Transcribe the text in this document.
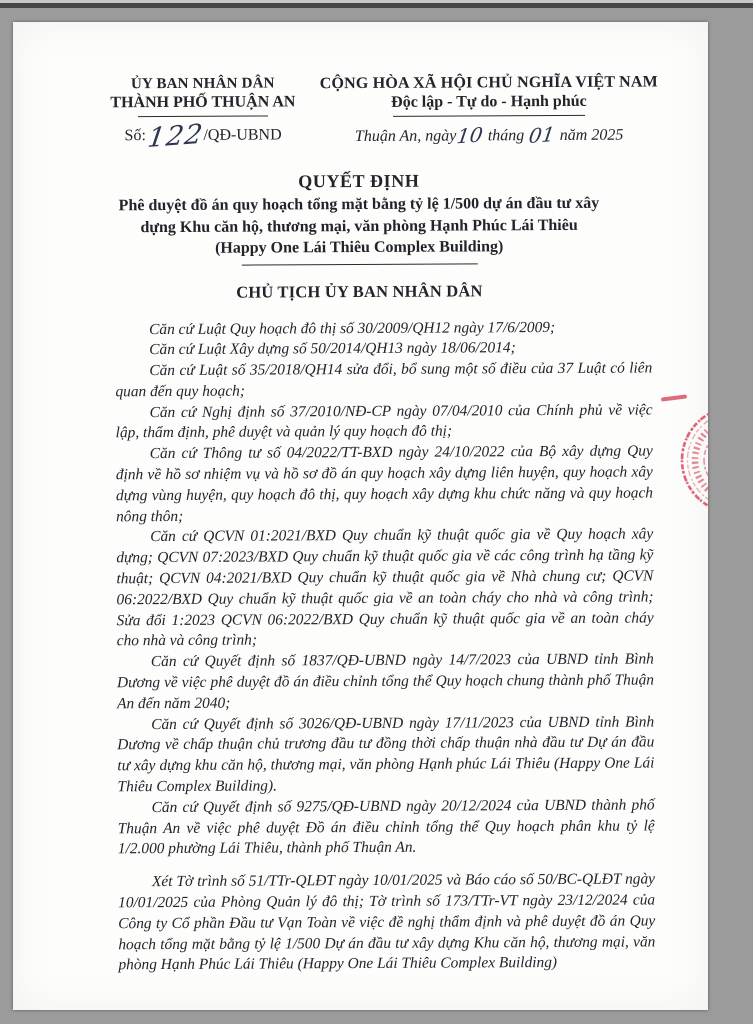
ỦY BAN NHÂN DÂN
THÀNH PHỐ THUẬN AN
Số:122/QĐ-UBND
CỘNG HÒA XÃ HỘI CHỦ NGHĨA VIỆT NAM
Độc lập - Tự do - Hạnh phúc
Thuận An, ngày10 tháng 01 năm 2025
QUYẾT ĐỊNH
Phê duyệt đồ án quy hoạch tổng mặt bằng tỷ lệ 1/500 dự án đầu tư xây
dựng Khu căn hộ, thương mại, văn phòng Hạnh Phúc Lái Thiêu
(Happy One Lái Thiêu Complex Building)
CHỦ TỊCH ỦY BAN NHÂN DÂN

Căn cứ Luật Quy hoạch đô thị số 30/2009/QH12 ngày 17/6/2009;

Căn cứ Luật Xây dựng số 50/2014/QH13 ngày 18/06/2014;

Căn cứ Luật số 35/2018/QH14 sửa đổi, bổ sung một số điều của 37 Luật có liên quan đến quy hoạch;

Căn cứ Nghị định số 37/2010/NĐ-CP ngày 07/04/2010 của Chính phủ về việc lập, thẩm định, phê duyệt và quản lý quy hoạch đô thị;

Căn cứ Thông tư số 04/2022/TT-BXD ngày 24/10/2022 của Bộ xây dựng Quy định về hồ sơ nhiệm vụ và hồ sơ đồ án quy hoạch xây dựng liên huyện, quy hoạch xây dựng vùng huyện, quy hoạch đô thị, quy hoạch xây dựng khu chức năng và quy hoạch nông thôn;

Căn cứ QCVN 01:2021/BXD Quy chuẩn kỹ thuật quốc gia về Quy hoạch xây dựng; QCVN 07:2023/BXD Quy chuẩn kỹ thuật quốc gia về các công trình hạ tầng kỹ thuật; QCVN 04:2021/BXD Quy chuẩn kỹ thuật quốc gia về Nhà chung cư; QCVN 06:2022/BXD Quy chuẩn kỹ thuật quốc gia về an toàn cháy cho nhà và công trình; Sửa đổi 1:2023 QCVN 06:2022/BXD Quy chuẩn kỹ thuật quốc gia về an toàn cháy cho nhà và công trình;

Căn cứ Quyết định số 1837/QĐ-UBND ngày 14/7/2023 của UBND tỉnh Bình Dương về việc phê duyệt đồ án điều chỉnh tổng thể Quy hoạch chung thành phố Thuận An đến năm 2040;

Căn cứ Quyết định số 3026/QĐ-UBND ngày 17/11/2023 của UBND tỉnh Bình Dương về chấp thuận chủ trương đầu tư đồng thời chấp thuận nhà đầu tư Dự án đầu tư xây dựng khu căn hộ, thương mại, văn phòng Hạnh phúc Lái Thiêu (Happy One Lái Thiêu Complex Building).

Căn cứ Quyết định số 9275/QĐ-UBND ngày 20/12/2024 của UBND thành phố Thuận An về việc phê duyệt Đồ án điều chỉnh tổng thể Quy hoạch phân khu tỷ lệ 1/2.000 phường Lái Thiêu, thành phố Thuận An.

Xét Tờ trình số 51/TTr-QLĐT ngày 10/01/2025 và Báo cáo số 50/BC-QLĐT ngày 10/01/2025 của Phòng Quản lý đô thị; Tờ trình số 173/TTr-VT ngày 23/12/2024 của Công ty Cổ phần Đầu tư Vạn Toàn về việc đề nghị thẩm định và phê duyệt đồ án Quy hoạch tổng mặt bằng tỷ lệ 1/500 Dự án đầu tư xây dựng Khu căn hộ, thương mại, văn phòng Hạnh Phúc Lái Thiêu (Happy One Lái Thiêu Complex Building)
